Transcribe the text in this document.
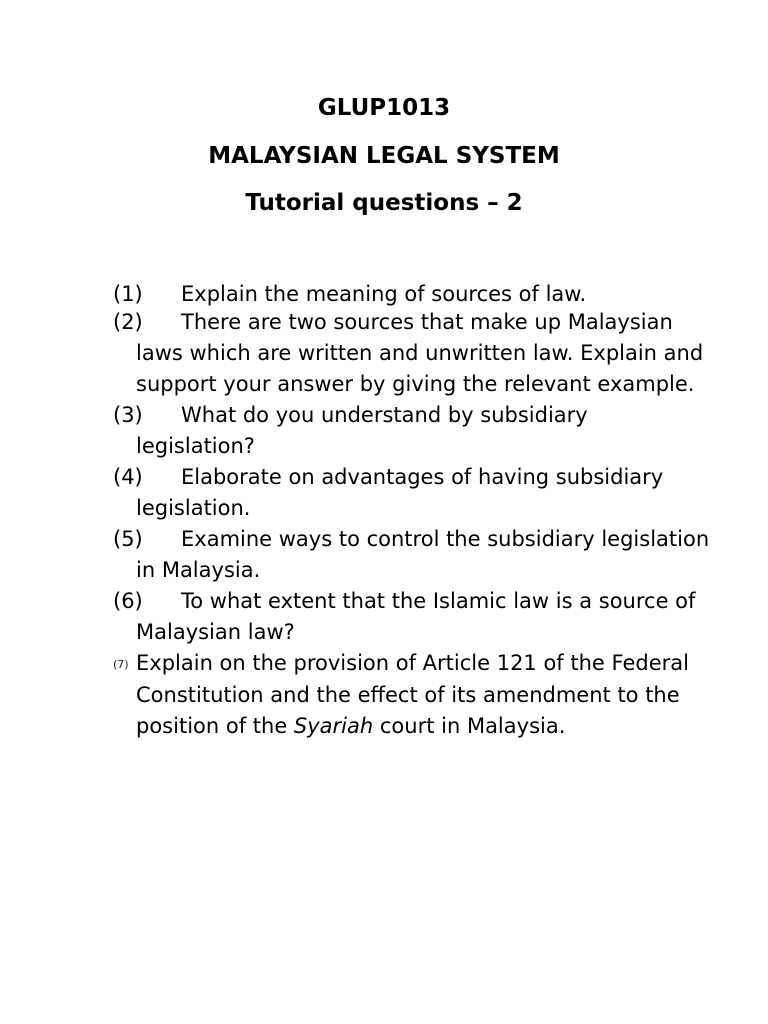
GLUP1013
MALAYSIAN LEGAL SYSTEM
Tutorial questions – 2

(1) Explain the meaning of sources of law.

(2) There are two sources that make up Malaysian laws which are written and unwritten law. Explain and support your answer by giving the relevant example.

(3) What do you understand by subsidiary legislation?

(4) Elaborate on advantages of having subsidiary legislation.

(5) Examine ways to control the subsidiary legislation in Malaysia.

(6) To what extent that the Islamic law is a source of Malaysian law?

(7) Explain on the provision of Article 121 of the Federal Constitution and the effect of its amendment to the position of the Syariah court in Malaysia.
